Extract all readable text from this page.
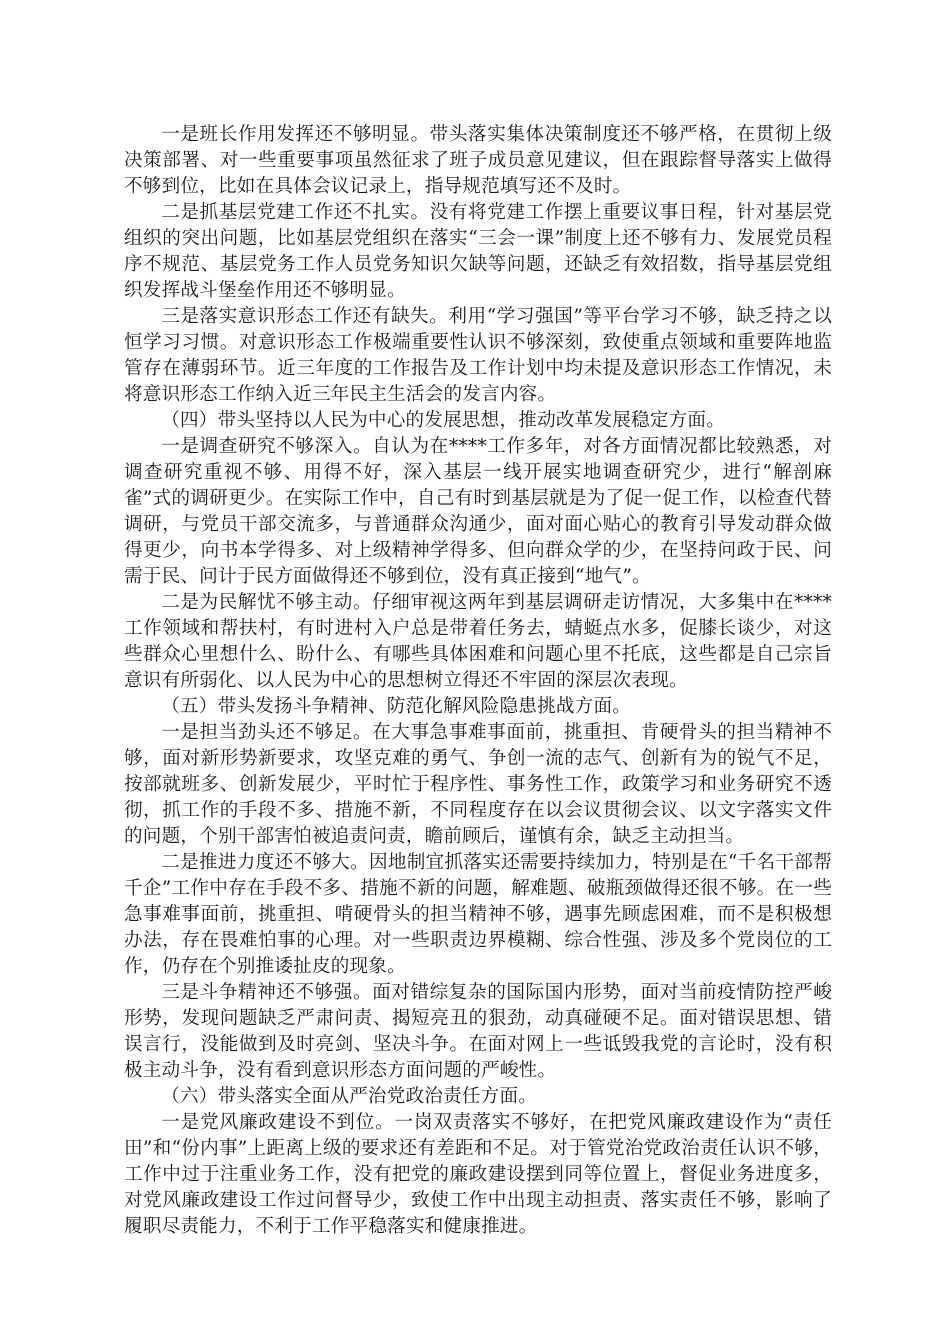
一是班长作用发挥还不够明显。带头落实集体决策制度还不够严格，在贯彻上级决策部署、对一些重要事项虽然征求了班子成员意见建议，但在跟踪督导落实上做得不够到位，比如在具体会议记录上，指导规范填写还不及时。

二是抓基层党建工作还不扎实。没有将党建工作摆上重要议事日程，针对基层党组织的突出问题，比如基层党组织在落实“三会一课”制度上还不够有力、发展党员程序不规范、基层党务工作人员党务知识欠缺等问题，还缺乏有效招数，指导基层党组织发挥战斗堡垒作用还不够明显。

三是落实意识形态工作还有缺失。利用“学习强国”等平台学习不够，缺乏持之以恒学习习惯。对意识形态工作极端重要性认识不够深刻，致使重点领域和重要阵地监管存在薄弱环节。近三年度的工作报告及工作计划中均未提及意识形态工作情况，未将意识形态工作纳入近三年民主生活会的发言内容。

（四）带头坚持以人民为中心的发展思想，推动改革发展稳定方面。

一是调查研究不够深入。自认为在****工作多年，对各方面情况都比较熟悉，对调查研究重视不够、用得不好，深入基层一线开展实地调查研究少，进行“解剖麻雀”式的调研更少。在实际工作中，自己有时到基层就是为了促一促工作，以检查代替调研，与党员干部交流多，与普通群众沟通少，面对面心贴心的教育引导发动群众做得更少，向书本学得多、对上级精神学得多、但向群众学的少，在坚持问政于民、问需于民、问计于民方面做得还不够到位，没有真正接到“地气”。

二是为民解忧不够主动。仔细审视这两年到基层调研走访情况，大多集中在****工作领域和帮扶村，有时进村入户总是带着任务去，蜻蜓点水多，促膝长谈少，对这些群众心里想什么、盼什么、有哪些具体困难和问题心里不托底，这些都是自己宗旨意识有所弱化、以人民为中心的思想树立得还不牢固的深层次表现。

（五）带头发扬斗争精神、防范化解风险隐患挑战方面。

一是担当劲头还不够足。在大事急事难事面前，挑重担、肯硬骨头的担当精神不够，面对新形势新要求，攻坚克难的勇气、争创一流的志气、创新有为的锐气不足，按部就班多、创新发展少，平时忙于程序性、事务性工作，政策学习和业务研究不透彻，抓工作的手段不多、措施不新，不同程度存在以会议贯彻会议、以文字落实文件的问题，个别干部害怕被追责问责，瞻前顾后，谨慎有余，缺乏主动担当。

二是推进力度还不够大。因地制宜抓落实还需要持续加力，特别是在“千名干部帮千企”工作中存在手段不多、措施不新的问题，解难题、破瓶颈做得还很不够。在一些急事难事面前，挑重担、啃硬骨头的担当精神不够，遇事先顾虑困难，而不是积极想办法，存在畏难怕事的心理。对一些职责边界模糊、综合性强、涉及多个党岗位的工作，仍存在个别推诿扯皮的现象。

三是斗争精神还不够强。面对错综复杂的国际国内形势，面对当前疫情防控严峻形势，发现问题缺乏严肃问责、揭短亮丑的狠劲，动真碰硬不足。面对错误思想、错误言行，没能做到及时亮剑、坚决斗争。在面对网上一些诋毁我党的言论时，没有积极主动斗争，没有看到意识形态方面问题的严峻性。

（六）带头落实全面从严治党政治责任方面。

一是党风廉政建设不到位。一岗双责落实不够好，在把党风廉政建设作为“责任田”和“份内事”上距离上级的要求还有差距和不足。对于管党治党政治责任认识不够，工作中过于注重业务工作，没有把党的廉政建设摆到同等位置上，督促业务进度多，对党风廉政建设工作过问督导少，致使工作中出现主动担责、落实责任不够，影响了履职尽责能力，不利于工作平稳落实和健康推进。
